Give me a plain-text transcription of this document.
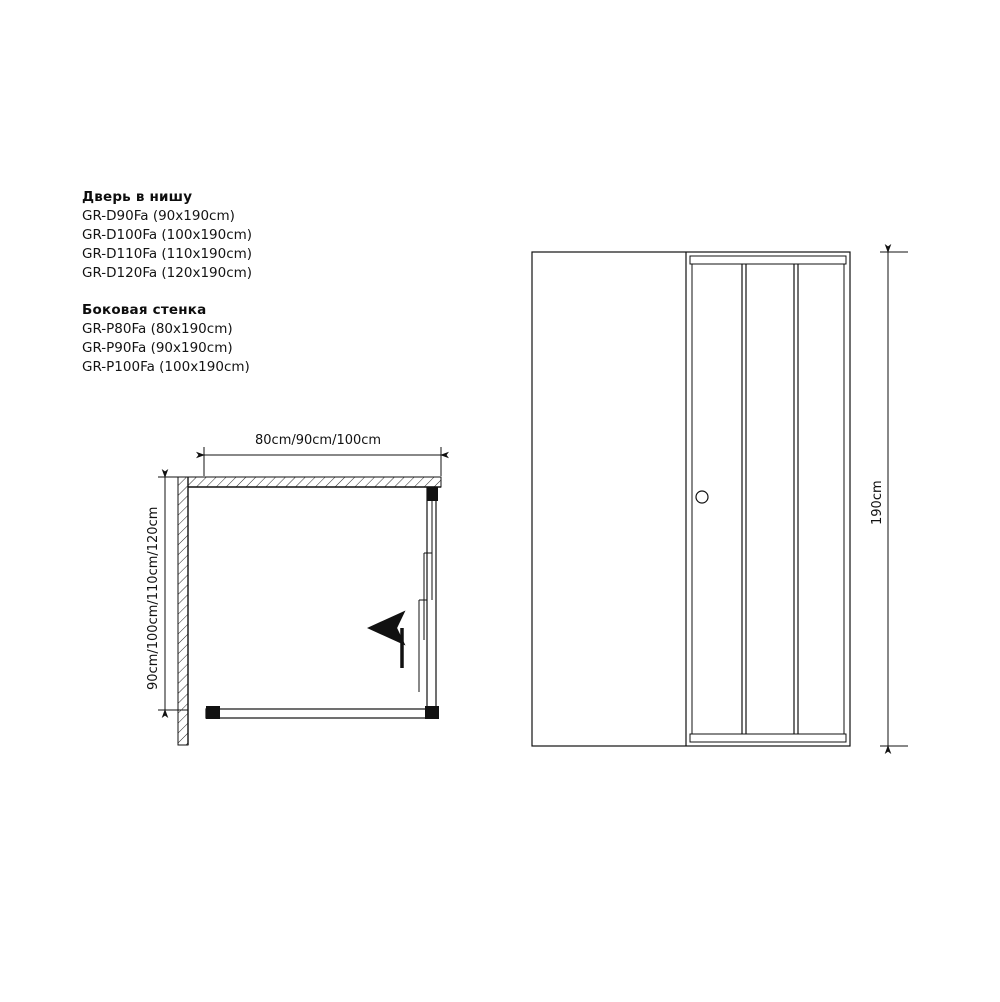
Дверь в нишу
GR-D90Fa (90x190cm)
GR-D100Fa (100x190cm)
GR-D110Fa (110x190cm)
GR-D120Fa (120x190cm)
Боковая стенка
GR-P80Fa (80x190cm)
GR-P90Fa (90x190cm)
GR-P100Fa (100x190cm)
80cm/90cm/100cm
90cm/100cm/110cm/120cm
190cm
